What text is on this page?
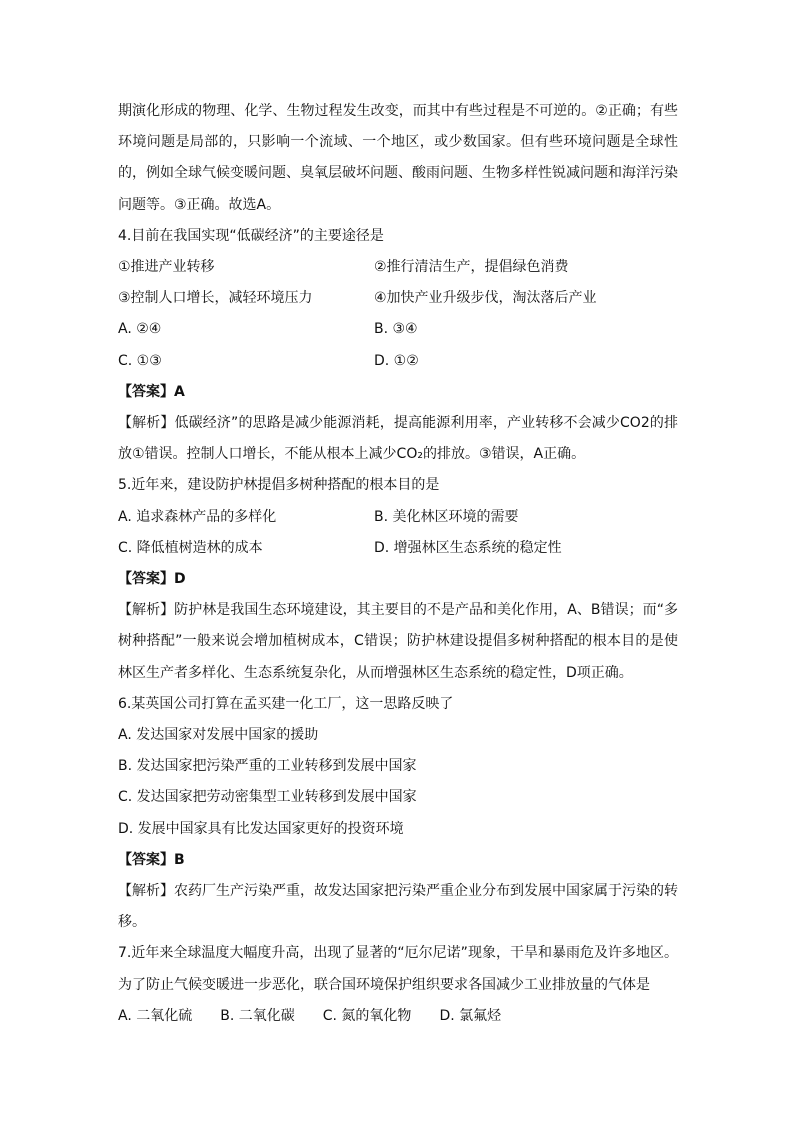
期演化形成的物理、化学、生物过程发生改变，而其中有些过程是不可逆的。②正确；有些环境问题是局部的，只影响一个流域、一个地区，或少数国家。但有些环境问题是全球性的，例如全球气候变暖问题、臭氧层破坏问题、酸雨问题、生物多样性锐减问题和海洋污染问题等。③正确。故选A。

4.目前在我国实现“低碳经济”的主要途径是

①推进产业转移	②推行清洁生产，提倡绿色消费
③控制人口增长，减轻环境压力	④加快产业升级步伐，淘汰落后产业
A. ②④	B. ③④
C. ①③	D. ①②

【答案】A

【解析】低碳经济”的思路是减少能源消耗，提高能源利用率，产业转移不会减少CO2的排放①错误。控制人口增长，不能从根本上减少CO₂的排放。③错误，A正确。

5.近年来，建设防护林提倡多树种搭配的根本目的是

A. 追求森林产品的多样化	B. 美化林区环境的需要
C. 降低植树造林的成本	D. 增强林区生态系统的稳定性

【答案】D

【解析】防护林是我国生态环境建设，其主要目的不是产品和美化作用，A、B错误；而“多树种搭配”一般来说会增加植树成本，C错误；防护林建设提倡多树种搭配的根本目的是使林区生产者多样化、生态系统复杂化，从而增强林区生态系统的稳定性，D项正确。

6.某英国公司打算在孟买建一化工厂，这一思路反映了

A. 发达国家对发展中国家的援助

B. 发达国家把污染严重的工业转移到发展中国家

C. 发达国家把劳动密集型工业转移到发展中国家

D. 发展中国家具有比发达国家更好的投资环境

【答案】B

【解析】农药厂生产污染严重，故发达国家把污染严重企业分布到发展中国家属于污染的转移。

7.近年来全球温度大幅度升高，出现了显著的“厄尔尼诺”现象，干旱和暴雨危及许多地区。为了防止气候变暖进一步恶化，联合国环境保护组织要求各国减少工业排放量的气体是

A. 二氧化硫 B. 二氧化碳 C. 氮的氧化物 D. 氯氟烃
